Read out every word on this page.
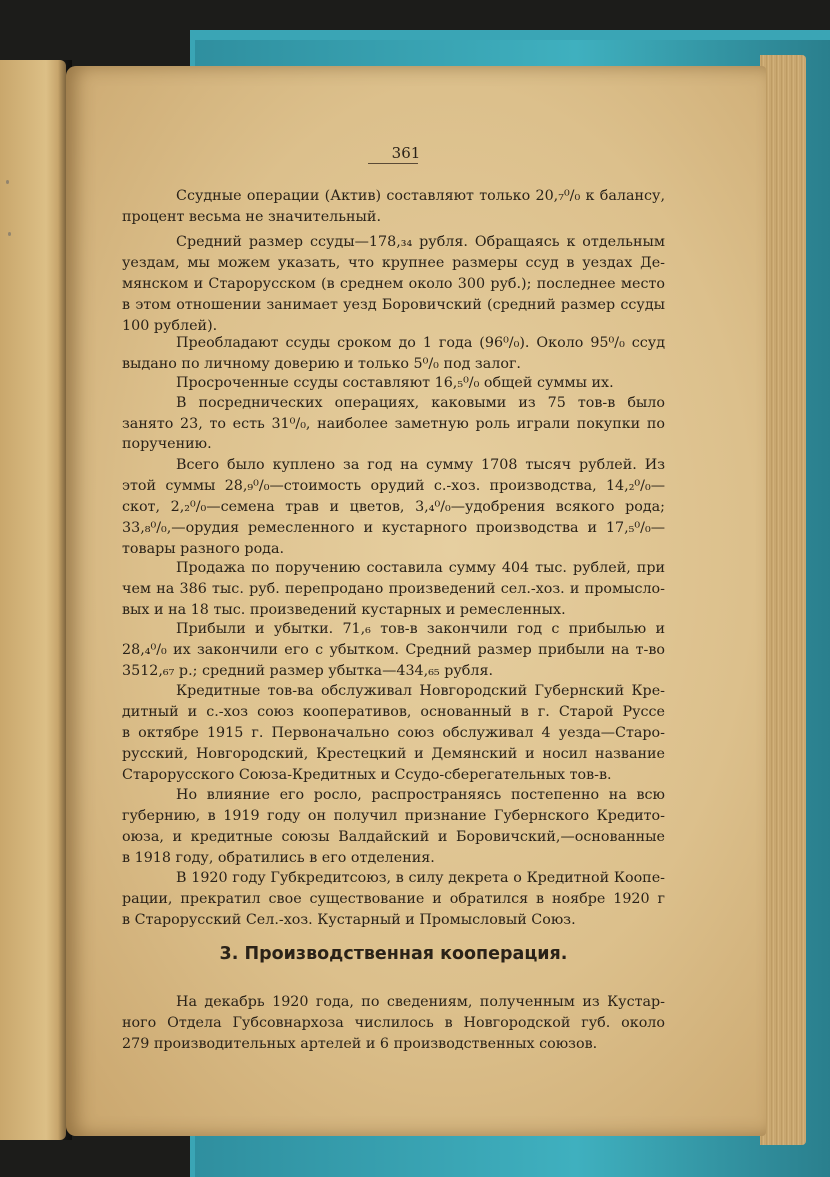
361
Ссудные операции (Актив) составляют только 20,₇⁰/₀ к балансу,
процент весьма не значительный.
Средний размер ссуды—178,₃₄ рубля. Обращаясь к отдельным
уездам, мы можем указать, что крупнее размеры ссуд в уездах Де-
мянском и Старорусском (в среднем около 300 руб.); последнее место
в этом отношении занимает уезд Боровичский (средний размер ссуды
100 рублей).
Преобладают ссуды сроком до 1 года (96⁰/₀). Около 95⁰/₀ ссуд
выдано по личному доверию и только 5⁰/₀ под залог.
Просроченные ссуды составляют 16,₅⁰/₀ общей суммы их.
В посреднических операциях, каковыми из 75 тов-в было
занято 23, то есть 31⁰/₀, наиболее заметную роль играли покупки по
поручению.
Всего было куплено за год на сумму 1708 тысяч рублей. Из
этой суммы 28,₉⁰/₀—стоимость орудий с.-хоз. производства, 14,₂⁰/₀—
скот, 2,₂⁰/₀—семена трав и цветов, 3,₄⁰/₀—удобрения всякого рода;
33,₈⁰/₀,—орудия ремесленного и кустарного производства и 17,₅⁰/₀—
товары разного рода.
Продажа по поручению составила сумму 404 тыс. рублей, при
чем на 386 тыс. руб. перепродано произведений сел.-хоз. и промысло-
вых и на 18 тыс. произведений кустарных и ремесленных.
Прибыли и убытки. 71,₆ тов-в закончили год с прибылью и
28,₄⁰/₀ их закончили его с убытком. Средний размер прибыли на т-во
3512,₆₇ р.; средний размер убытка—434,₆₅ рубля.
Кредитные тов-ва обслуживал Новгородский Губернский Кре-
дитный и с.-хоз союз кооперативов, основанный в г. Старой Руссе
в октябре 1915 г. Первоначально союз обслуживал 4 уезда—Старо-
русский, Новгородский, Крестецкий и Демянский и носил название
Старорусского Союза-Кредитных и Ссудо-сберегательных тов-в.
Но влияние его росло, распространяясь постепенно на всю
губернию, в 1919 году он получил признание Губернского Кредито-
оюза, и кредитные союзы Валдайский и Боровичский,—основанные
в 1918 году, обратились в его отделения.
В 1920 году Губкредитсоюз, в силу декрета о Кредитной Коопе-
рации, прекратил свое существование и обратился в ноябре 1920 г
в Старорусский Сел.-хоз. Кустарный и Промысловый Союз.
На декабрь 1920 года, по сведениям, полученным из Кустар-
ного Отдела Губсовнархоза числилось в Новгородской губ. около
279 производительных артелей и 6 производственных союзов.
3. Производственная кооперация.
